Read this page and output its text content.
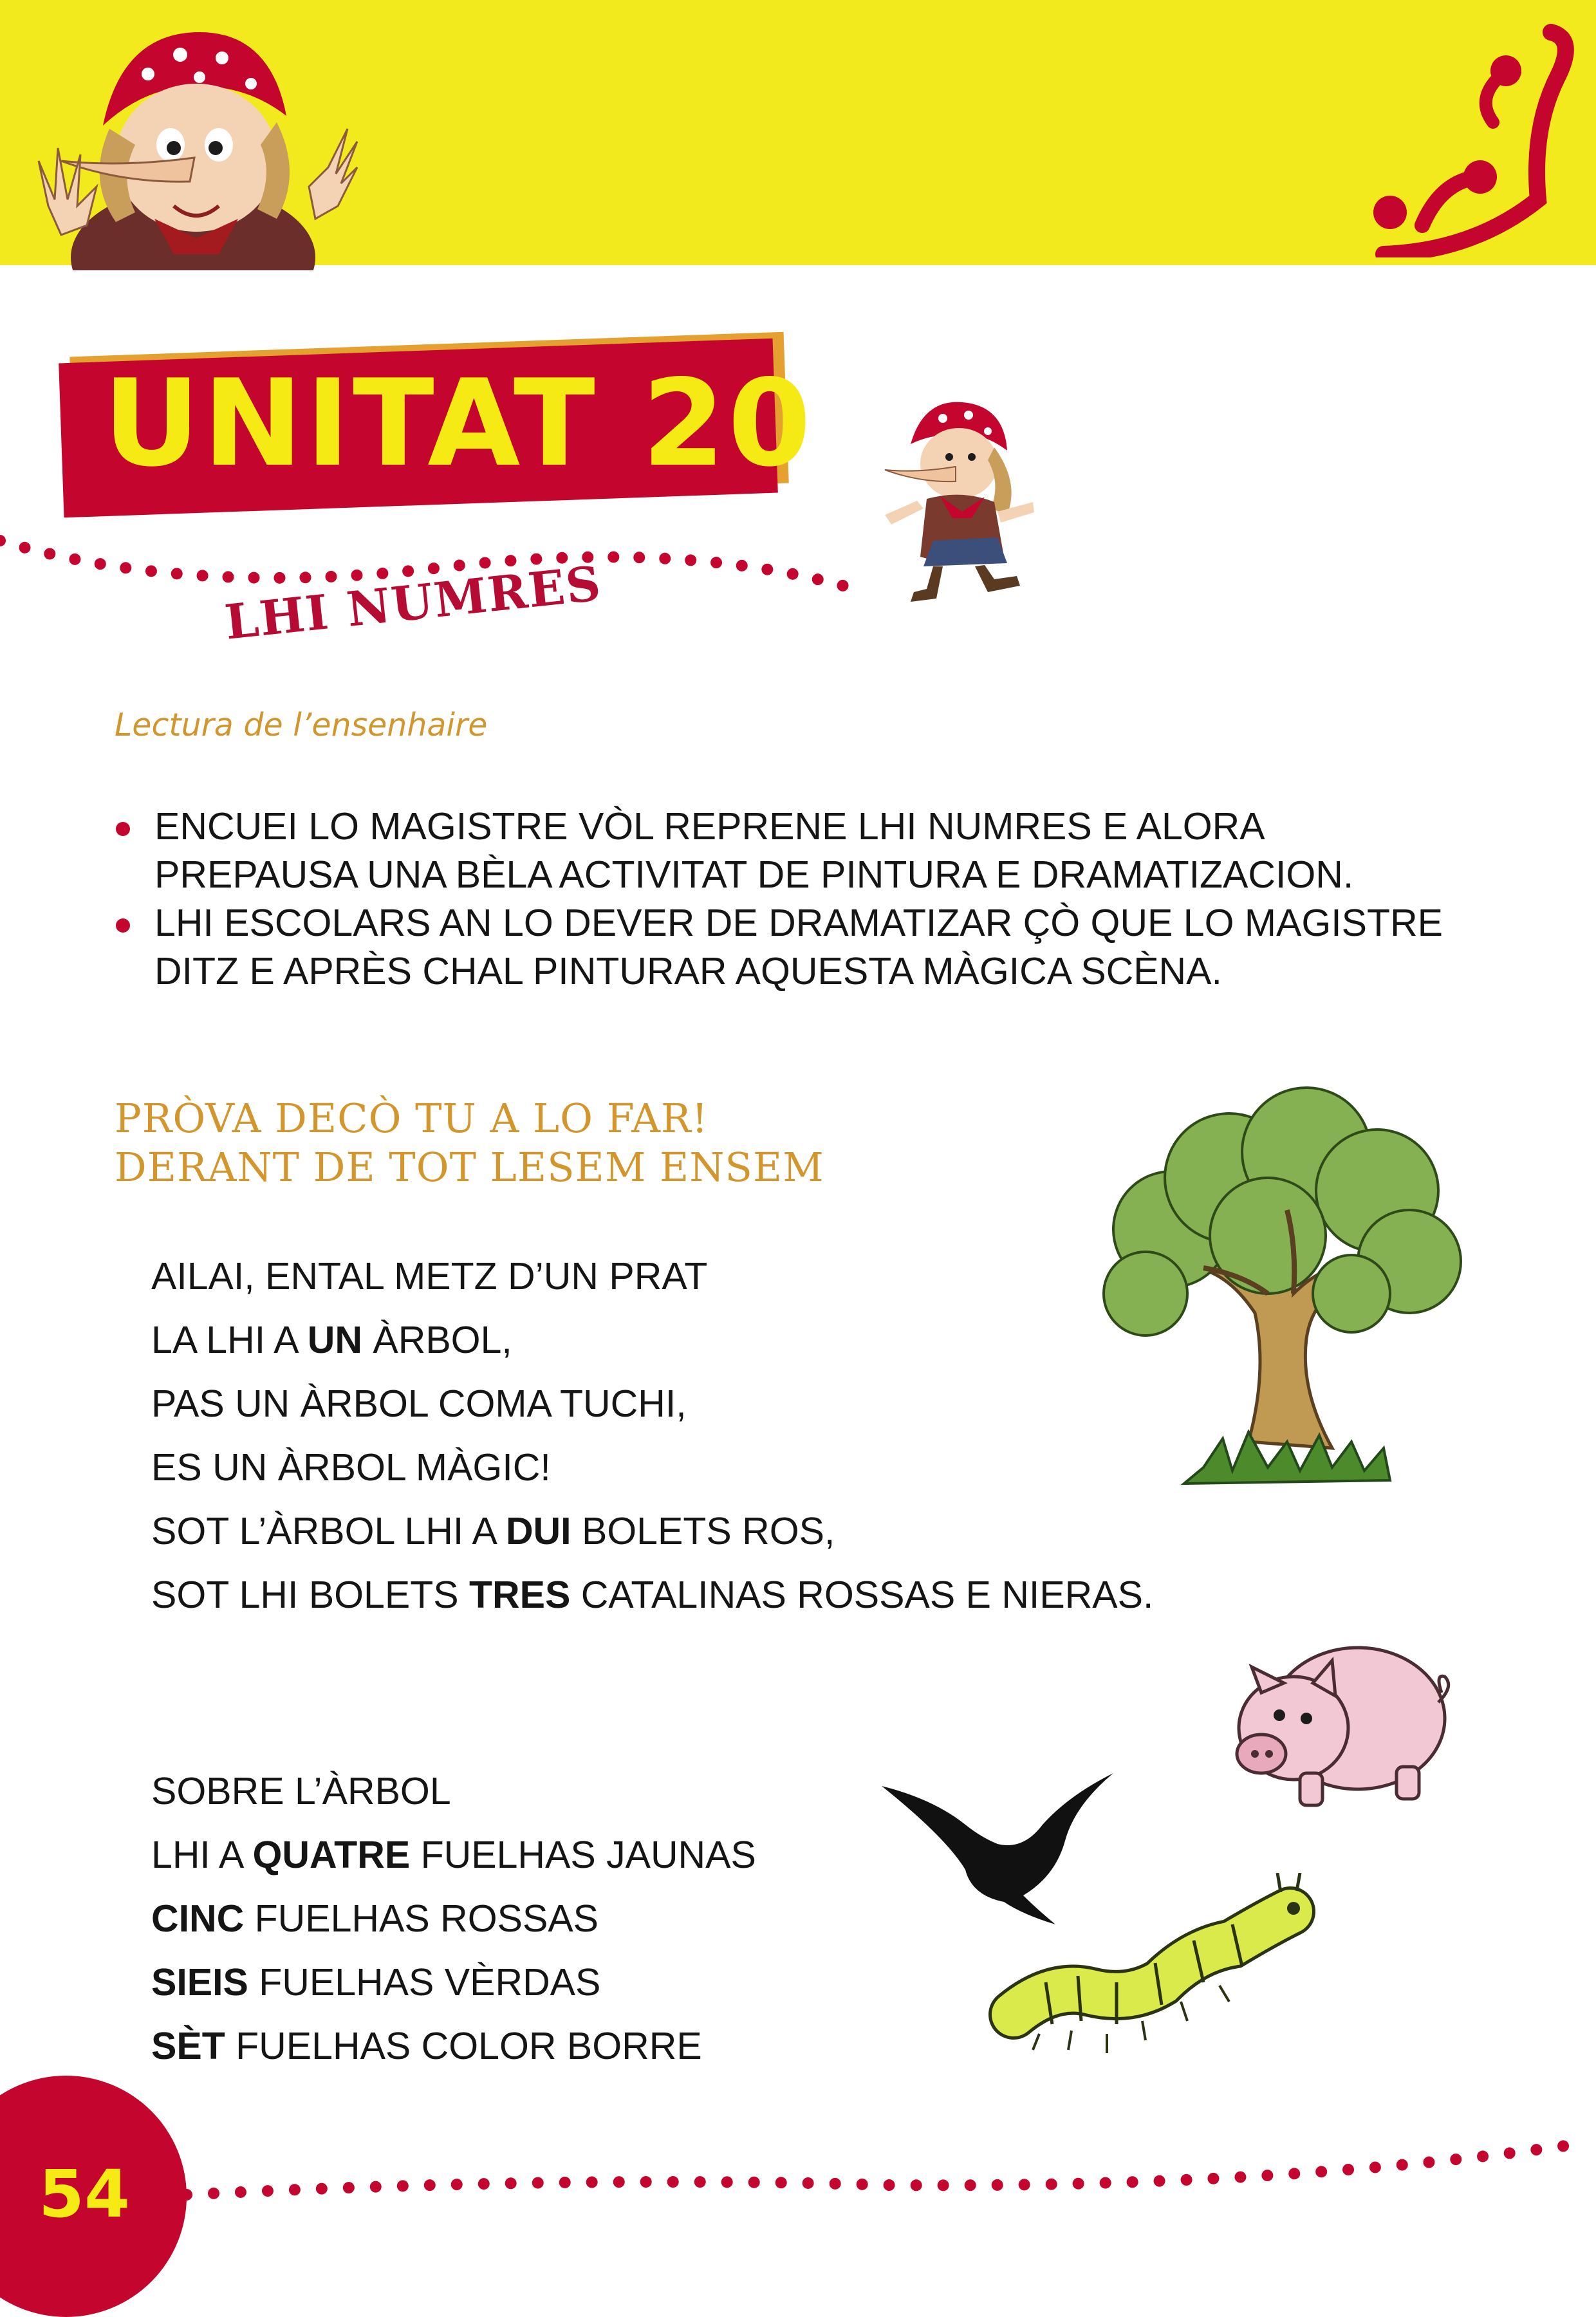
UNITAT 20
LHI NUMRES
Lectura de l’ensenhaire
ENCUEI LO MAGISTRE VÒL REPRENE LHI NUMRES E ALORA PREPAUSA UNA BÈLA ACTIVITAT DE PINTURA E DRAMATIZACION.
LHI ESCOLARS AN LO DEVER DE DRAMATIZAR ÇÒ QUE LO MAGISTRE DITZ E APRÈS CHAL PINTURAR AQUESTA MÀGICA SCÈNA.
PRÒVA DECÒ TU A LO FAR!
DERANT DE TOT LESEM ENSEM
AILAI, ENTAL METZ D’UN PRAT
LA LHI A UN ÀRBOL,
PAS UN ÀRBOL COMA TUCHI,
ES UN ÀRBOL MÀGIC!
SOT L’ÀRBOL LHI A DUI BOLETS ROS,
SOT LHI BOLETS TRES CATALINAS ROSSAS E NIERAS.
SOBRE L’ÀRBOL
LHI A QUATRE FUELHAS JAUNAS
CINC FUELHAS ROSSAS
SIEIS FUELHAS VÈRDAS
SÈT FUELHAS COLOR BORRE
54
